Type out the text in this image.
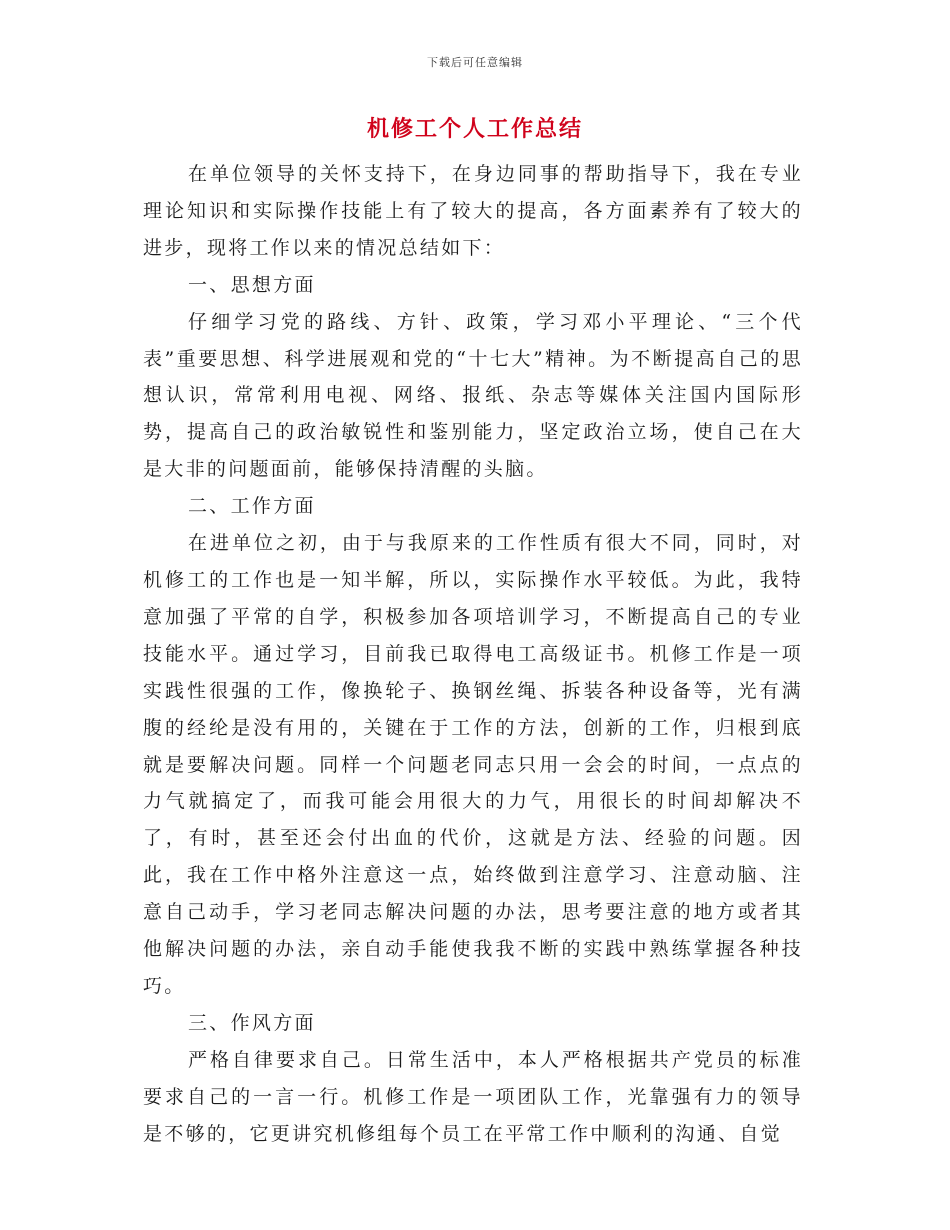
下载后可任意编辑
机修工个人工作总结

在单位领导的关怀支持下，在身边同事的帮助指导下，我在专业理论知识和实际操作技能上有了较大的提高，各方面素养有了较大的进步，现将工作以来的情况总结如下：

一、思想方面

仔细学习党的路线、方针、政策，学习邓小平理论、“三个代表”重要思想、科学进展观和党的“十七大”精神。为不断提高自己的思想认识，常常利用电视、网络、报纸、杂志等媒体关注国内国际形势，提高自己的政治敏锐性和鉴别能力，坚定政治立场，使自己在大是大非的问题面前，能够保持清醒的头脑。

二、工作方面

在进单位之初，由于与我原来的工作性质有很大不同，同时，对机修工的工作也是一知半解，所以，实际操作水平较低。为此，我特意加强了平常的自学，积极参加各项培训学习，不断提高自己的专业技能水平。通过学习，目前我已取得电工高级证书。机修工作是一项实践性很强的工作，像换轮子、换钢丝绳、拆装各种设备等，光有满腹的经纶是没有用的，关键在于工作的方法，创新的工作，归根到底就是要解决问题。同样一个问题老同志只用一会会的时间，一点点的力气就搞定了，而我可能会用很大的力气，用很长的时间却解决不了，有时，甚至还会付出血的代价，这就是方法、经验的问题。因此，我在工作中格外注意这一点，始终做到注意学习、注意动脑、注意自己动手，学习老同志解决问题的办法，思考要注意的地方或者其他解决问题的办法，亲自动手能使我我不断的实践中熟练掌握各种技巧。

三、作风方面

严格自律要求自己。日常生活中，本人严格根据共产党员的标准要求自己的一言一行。机修工作是一项团队工作，光靠强有力的领导是不够的，它更讲究机修组每个员工在平常工作中顺利的沟通、自觉
